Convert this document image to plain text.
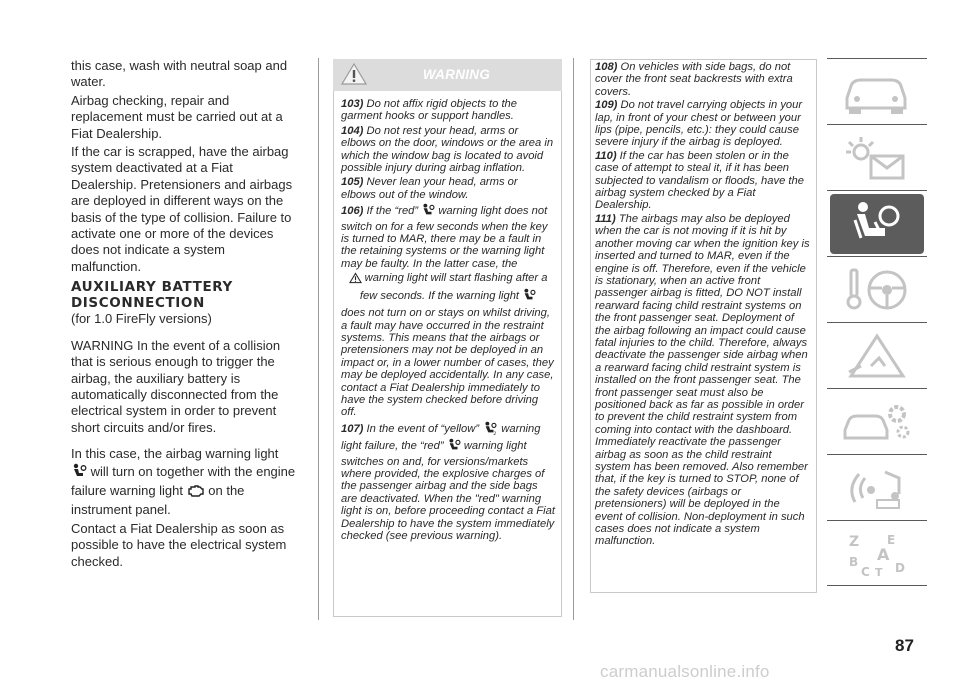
this case, wash with neutral soap and water.

Airbag checking, repair and replacement must be carried out at a Fiat Dealership.

If the car is scrapped, have the airbag system deactivated at a Fiat Dealership. Pretensioners and airbags are deployed in different ways on the basis of the type of collision. Failure to activate one or more of the devices does not indicate a system malfunction.

AUXILIARY BATTERY DISCONNECTION

(for 1.0 FireFly versions)

WARNING In the event of a collision that is serious enough to trigger the airbag, the auxiliary battery is automatically disconnected from the electrical system in order to prevent short circuits and/or fires.

In this case, the airbag warning light  will turn on together with the engine failure warning light on the instrument panel.

Contact a Fiat Dealership as soon as possible to have the electrical system checked.

WARNING

103) Do not affix rigid objects to the garment hooks or support handles.

104) Do not rest your head, arms or elbows on the door, windows or the area in which the window bag is located to avoid possible injury during airbag inflation.

105) Never lean your head, arms or elbows out of the window.

106) If the “red” warning light does not switch on for a few seconds when the key is turned to MAR, there may be a fault in the retaining systems or the warning light may be faulty. In the latter case, the

warning light will start flashing after a few seconds. If the warning light

does not turn on or stays on whilst driving, a fault may have occurred in the restraint systems. This means that the airbags or pretensioners may not be deployed in an impact or, in a lower number of cases, they may be deployed accidentally. In any case, contact a Fiat Dealership immediately to have the system checked before driving off.

107) In the event of “yellow”	2 warning light failure, the “red” warning light switches on and, for versions/markets where provided, the explosive charges of the passenger airbag and the side bags are deactivated. When the "red" warning light is on, before proceeding contact a Fiat Dealership to have the system immediately checked (see previous warning).

108) On vehicles with side bags, do not cover the front seat backrests with extra covers.

109) Do not travel carrying objects in your lap, in front of your chest or between your lips (pipe, pencils, etc.): they could cause severe injury if the airbag is deployed.

110) If the car has been stolen or in the case of attempt to steal it, if it has been subjected to vandalism or floods, have the airbag system checked by a Fiat Dealership.

111) The airbags may also be deployed when the car is not moving if it is hit by another moving car when the ignition key is inserted and turned to MAR, even if the engine is off. Therefore, even if the vehicle is stationary, when an active front passenger airbag is fitted, DO NOT install rearward facing child restraint systems on the front passenger seat. Deployment of the airbag following an impact could cause fatal injuries to the child. Therefore, always deactivate the passenger side airbag when a rearward facing child restraint system is installed on the front passenger seat. The front passenger seat must also be positioned back as far as possible in order to prevent the child restraint system from coming into contact with the dashboard. Immediately reactivate the passenger airbag as soon as the child restraint system has been removed. Also remember that, if the key is turned to STOP, none of the safety devices (airbags or pretensioners) will be deployed in the event of collision. Non-deployment in such cases does not indicate a system malfunction.	Z E
B A
C T D
87
carmanualsonline.info
